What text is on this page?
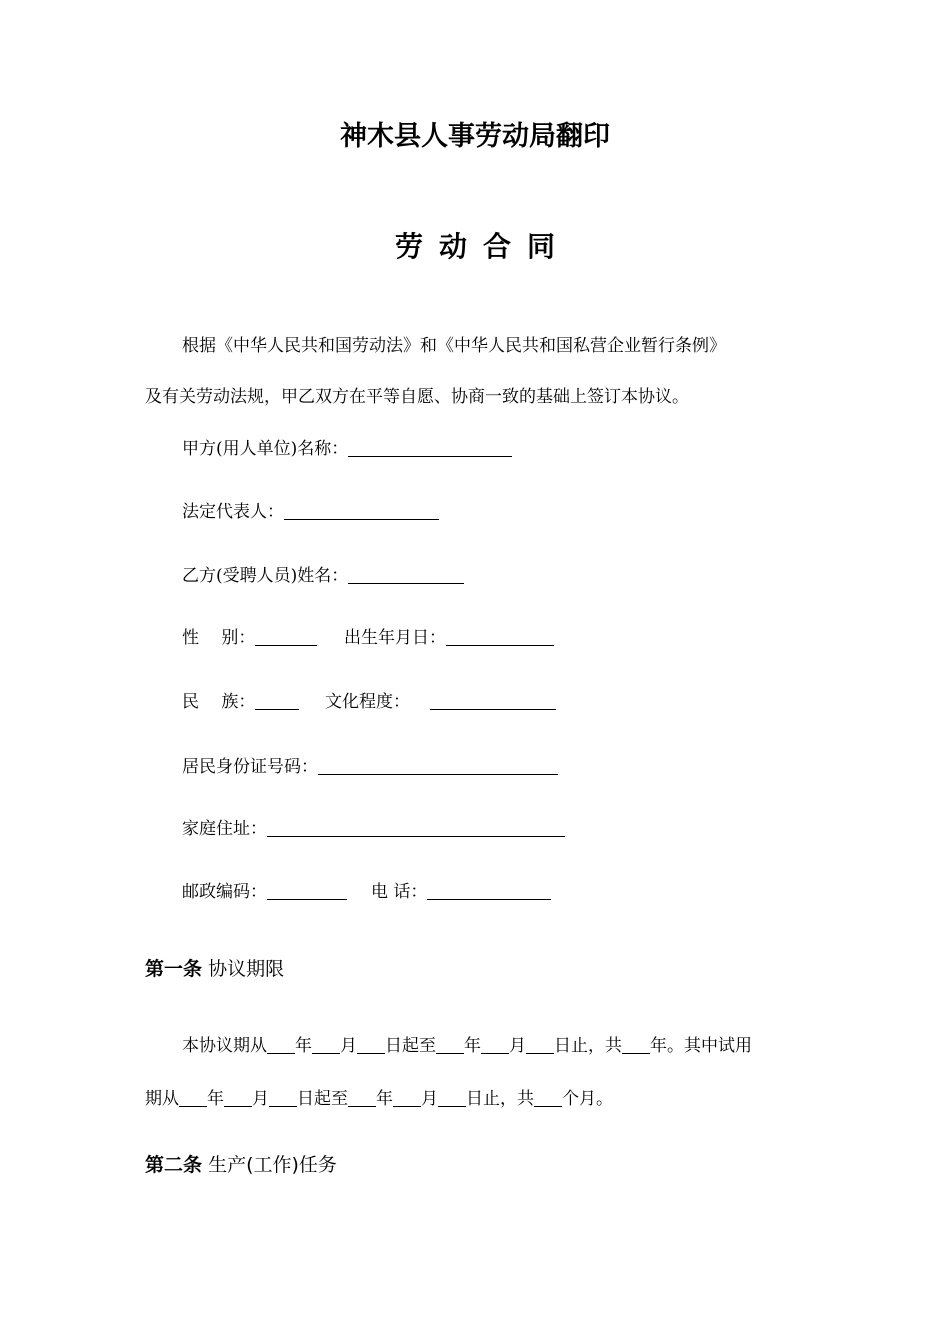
神木县人事劳动局翻印
劳动合同
根据《中华人民共和国劳动法》和《中华人民共和国私营企业暂行条例》
及有关劳动法规，甲乙双方在平等自愿、协商一致的基础上签订本协议。
甲方(用人单位)名称：
法定代表人：
乙方(受聘人员)姓名：
性　 别：	出生年月日：
民　 族：	文化程度：
居民身份证号码：
家庭住址：
邮政编码：	电 话：
第一条 协议期限
本协议期从 年 月 日起至 年 月 日止，共 年。其中试用
期从 年 月 日起至 年 月 日止，共 个月。
第二条 生产(工作)任务
